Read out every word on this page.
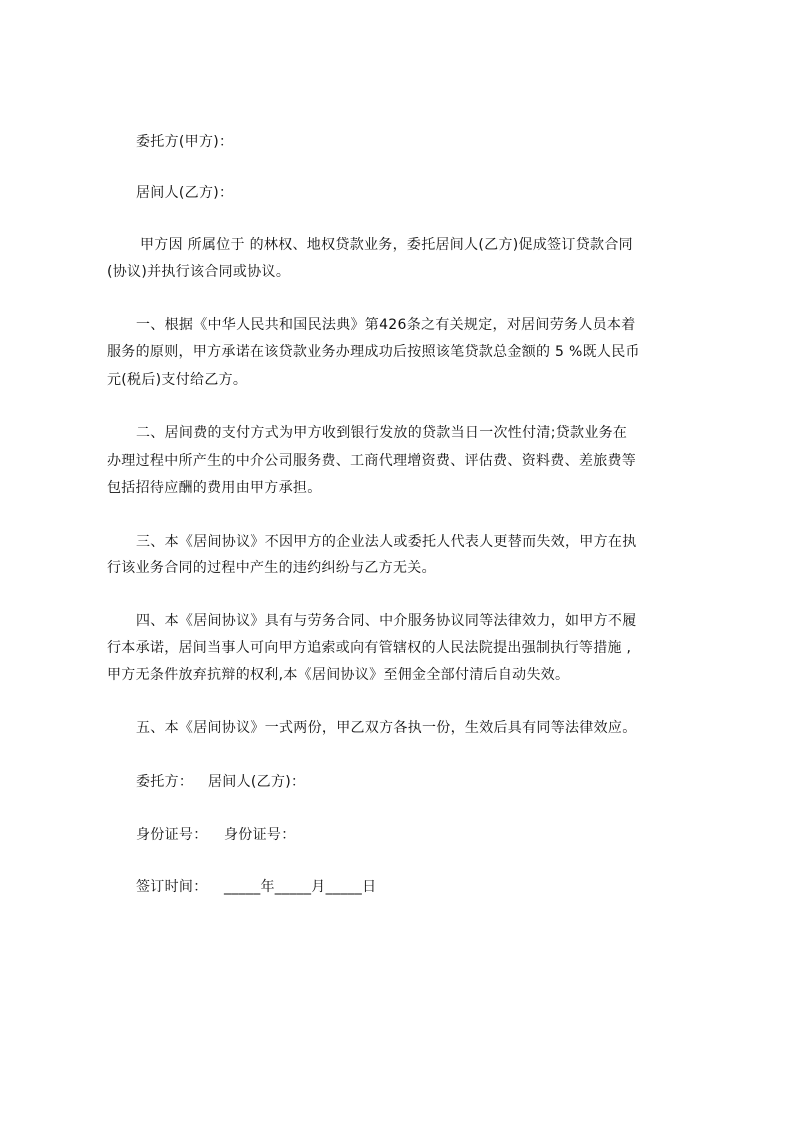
委托方(甲方)：
居间人(乙方)：
甲方因 所属位于 的林权、地权贷款业务，委托居间人(乙方)促成签订贷款合同
(协议)并执行该合同或协议。
一、根据《中华人民共和国民法典》第426条之有关规定，对居间劳务人员本着
服务的原则，甲方承诺在该贷款业务办理成功后按照该笔贷款总金额的 5 %既人民币
元(税后)支付给乙方。
二、居间费的支付方式为甲方收到银行发放的贷款当日一次性付清;贷款业务在
办理过程中所产生的中介公司服务费、工商代理增资费、评估费、资料费、差旅费等
包括招待应酬的费用由甲方承担。
三、本《居间协议》不因甲方的企业法人或委托人代表人更替而失效，甲方在执
行该业务合同的过程中产生的违约纠纷与乙方无关。
四、本《居间协议》具有与劳务合同、中介服务协议同等法律效力，如甲方不履
行本承诺，居间当事人可向甲方追索或向有管辖权的人民法院提出强制执行等措施 ,
甲方无条件放弃抗辩的权利,本《居间协议》至佣金全部付清后自动失效。
五、本《居间协议》一式两份，甲乙双方各执一份，生效后具有同等法律效应。
委托方： 居间人(乙方)：
身份证号： 身份证号：
签订时间： _____年_____月_____日
